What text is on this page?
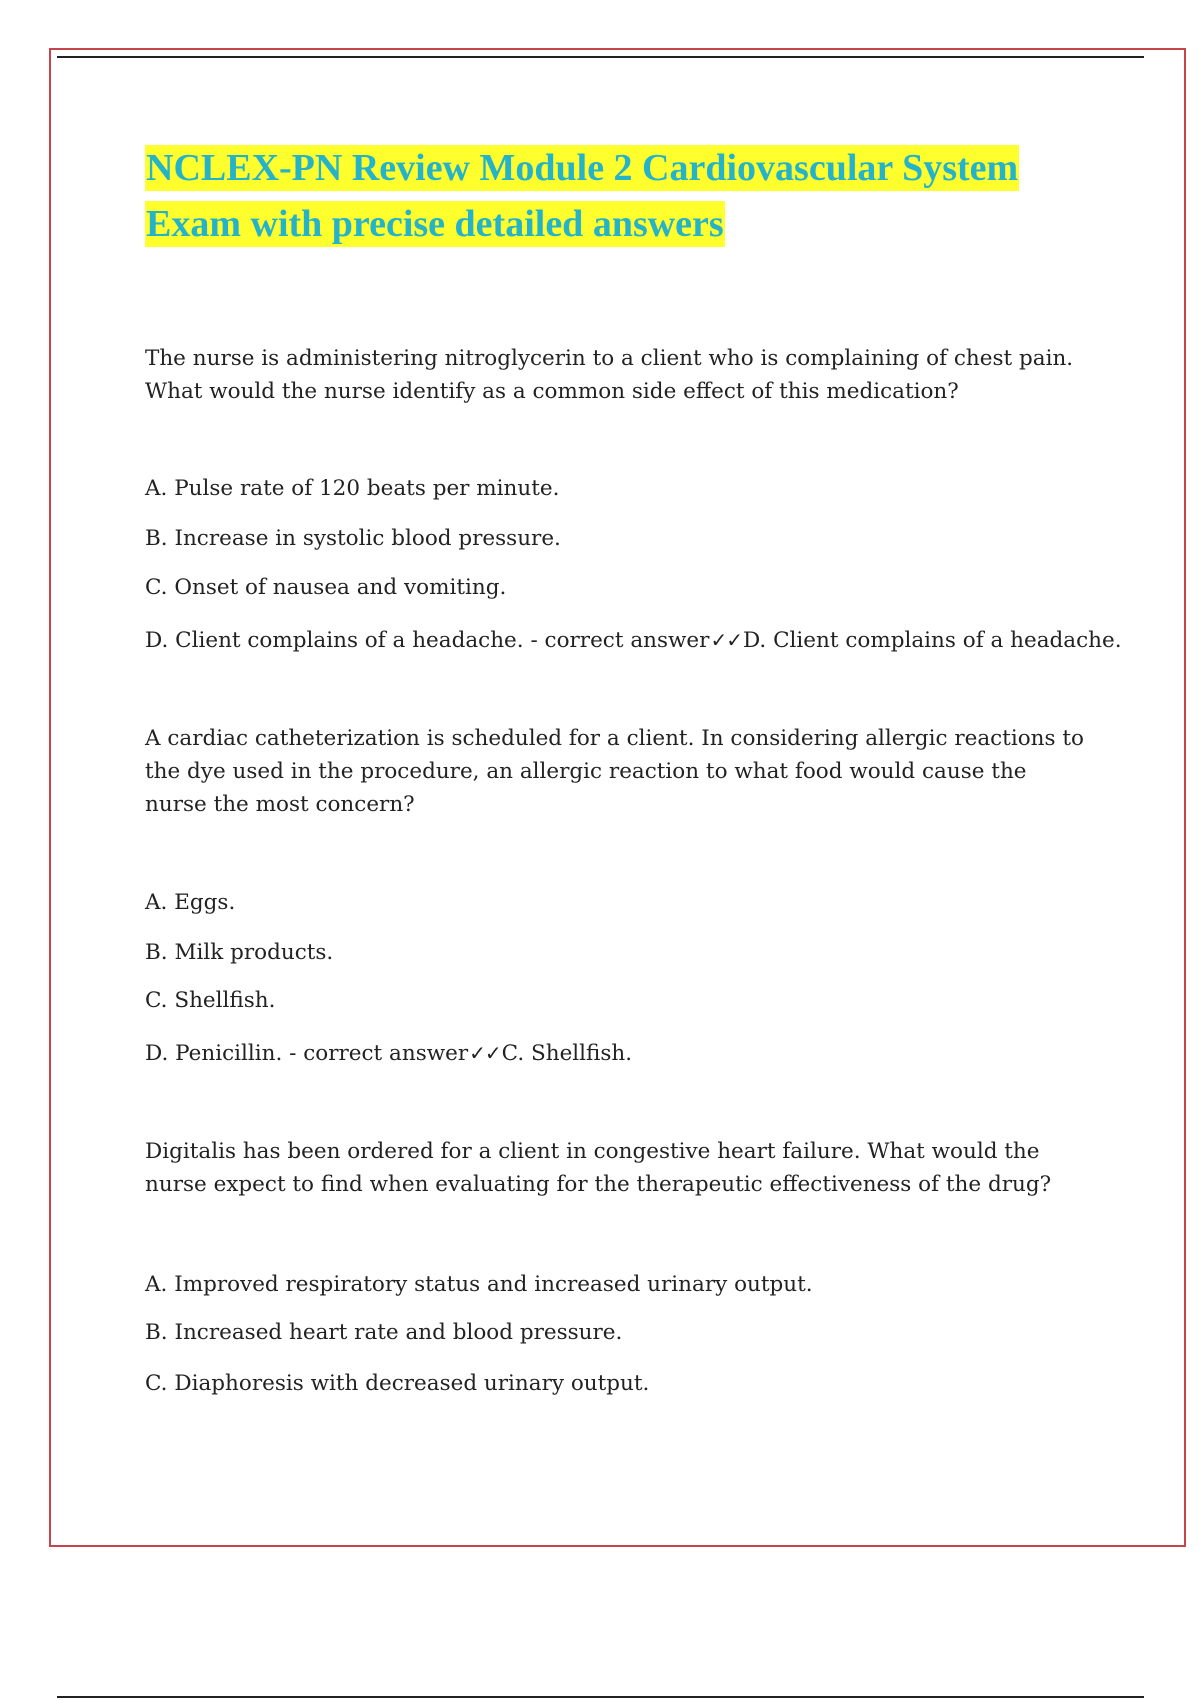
NCLEX-PN Review Module 2 Cardiovascular System
Exam with precise detailed answers

The nurse is administering nitroglycerin to a client who is complaining of chest pain. What would the nurse identify as a common side effect of this medication?

A. Pulse rate of 120 beats per minute.

B. Increase in systolic blood pressure.

C. Onset of nausea and vomiting.

D. Client complains of a headache. - correct answer✓✓D. Client complains of a headache.

A cardiac catheterization is scheduled for a client. In considering allergic reactions to the dye used in the procedure, an allergic reaction to what food would cause the nurse the most concern?

A. Eggs.

B. Milk products.

C. Shellfish.

D. Penicillin. - correct answer✓✓C. Shellfish.

Digitalis has been ordered for a client in congestive heart failure. What would the nurse expect to find when evaluating for the therapeutic effectiveness of the drug?

A. Improved respiratory status and increased urinary output.

B. Increased heart rate and blood pressure.

C. Diaphoresis with decreased urinary output.
